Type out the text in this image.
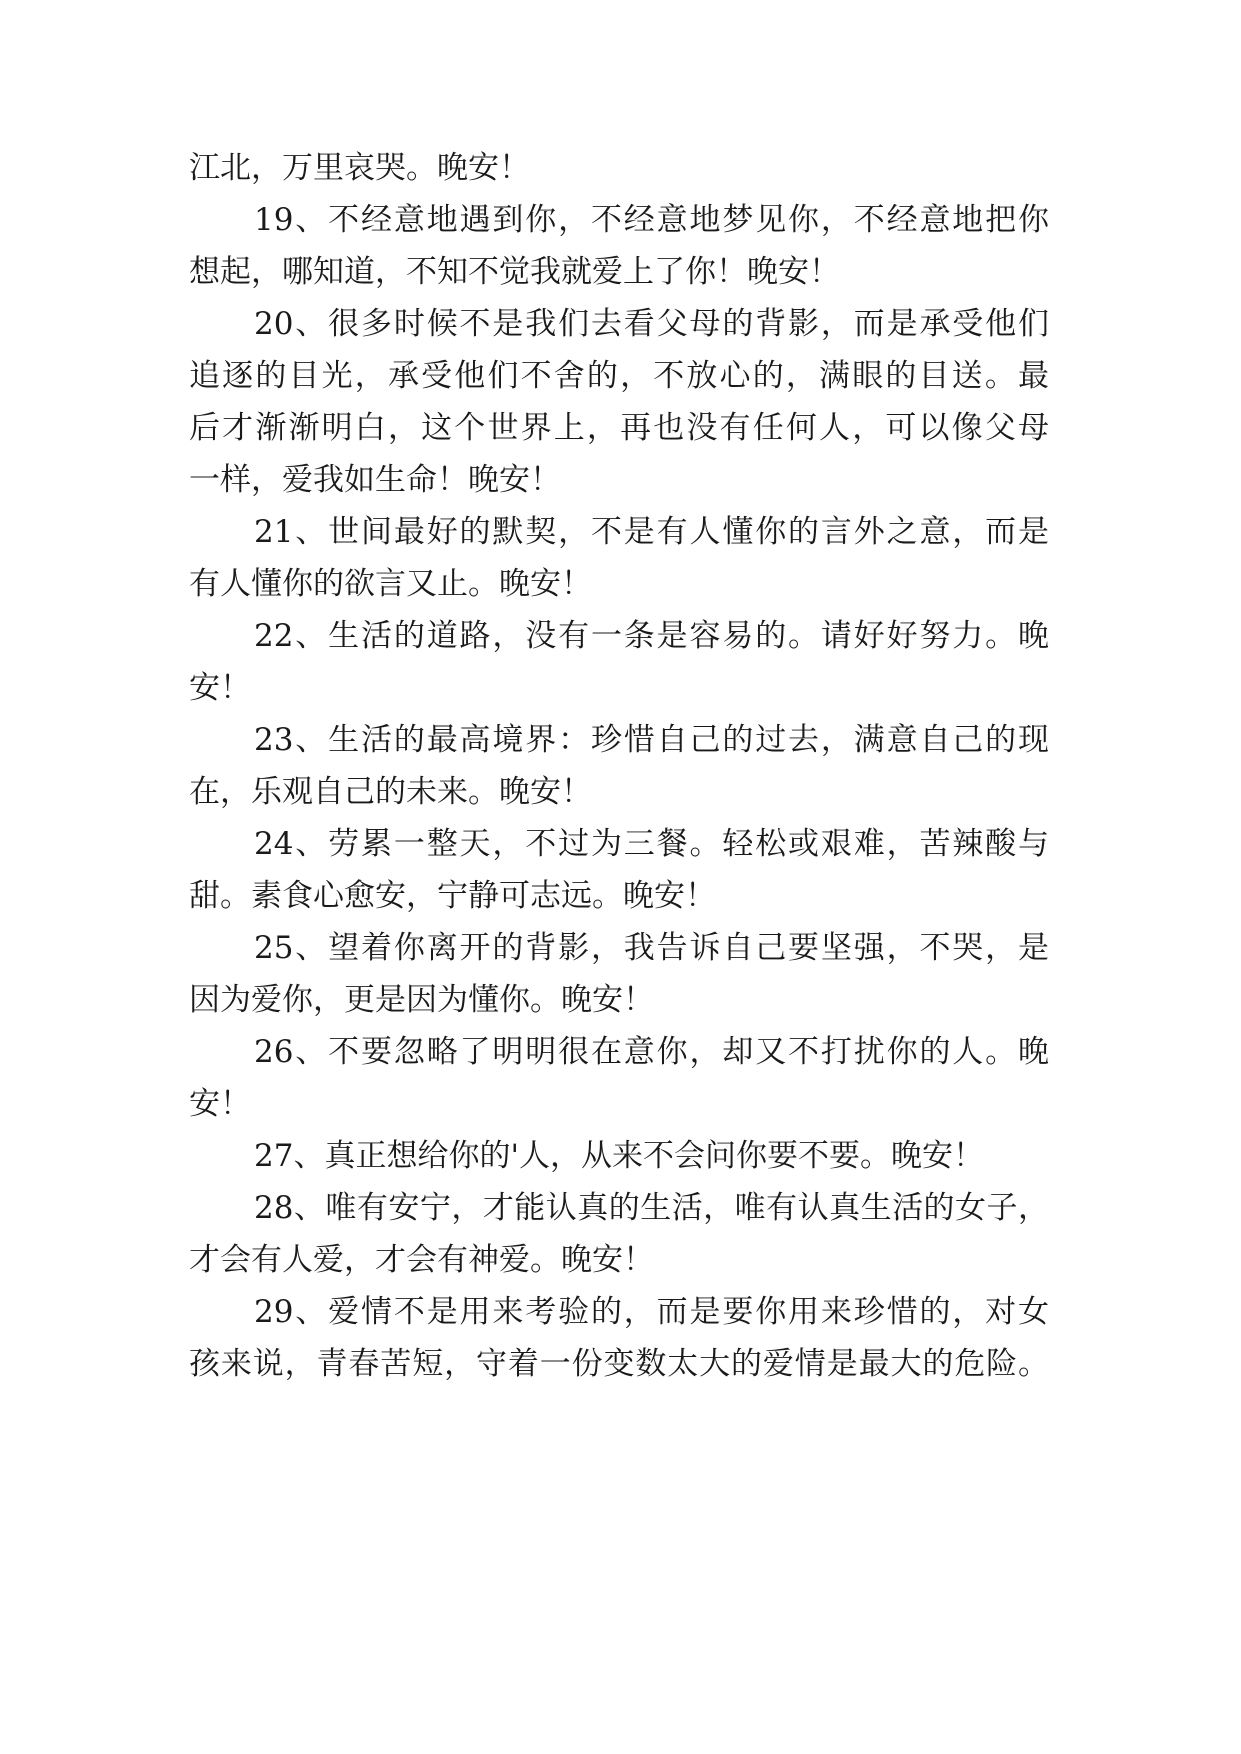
江北，万里哀哭。晚安！
19、不经意地遇到你，不经意地梦见你，不经意地把你
想起，哪知道，不知不觉我就爱上了你！晚安！
20、很多时候不是我们去看父母的背影，而是承受他们
追逐的目光，承受他们不舍的，不放心的，满眼的目送。最
后才渐渐明白，这个世界上，再也没有任何人，可以像父母
一样，爱我如生命！晚安！
21、世间最好的默契，不是有人懂你的言外之意，而是
有人懂你的欲言又止。晚安！
22、生活的道路，没有一条是容易的。请好好努力。晚
安！
23、生活的最高境界：珍惜自己的过去，满意自己的现
在，乐观自己的未来。晚安！
24、劳累一整天，不过为三餐。轻松或艰难，苦辣酸与
甜。素食心愈安，宁静可志远。晚安！
25、望着你离开的背影，我告诉自己要坚强，不哭，是
因为爱你，更是因为懂你。晚安！
26、不要忽略了明明很在意你，却又不打扰你的人。晚
安！
27、真正想给你的'人，从来不会问你要不要。晚安！
28、唯有安宁，才能认真的生活，唯有认真生活的女子，
才会有人爱，才会有神爱。晚安！
29、爱情不是用来考验的，而是要你用来珍惜的，对女
孩来说，青春苦短，守着一份变数太大的爱情是最大的危险。
